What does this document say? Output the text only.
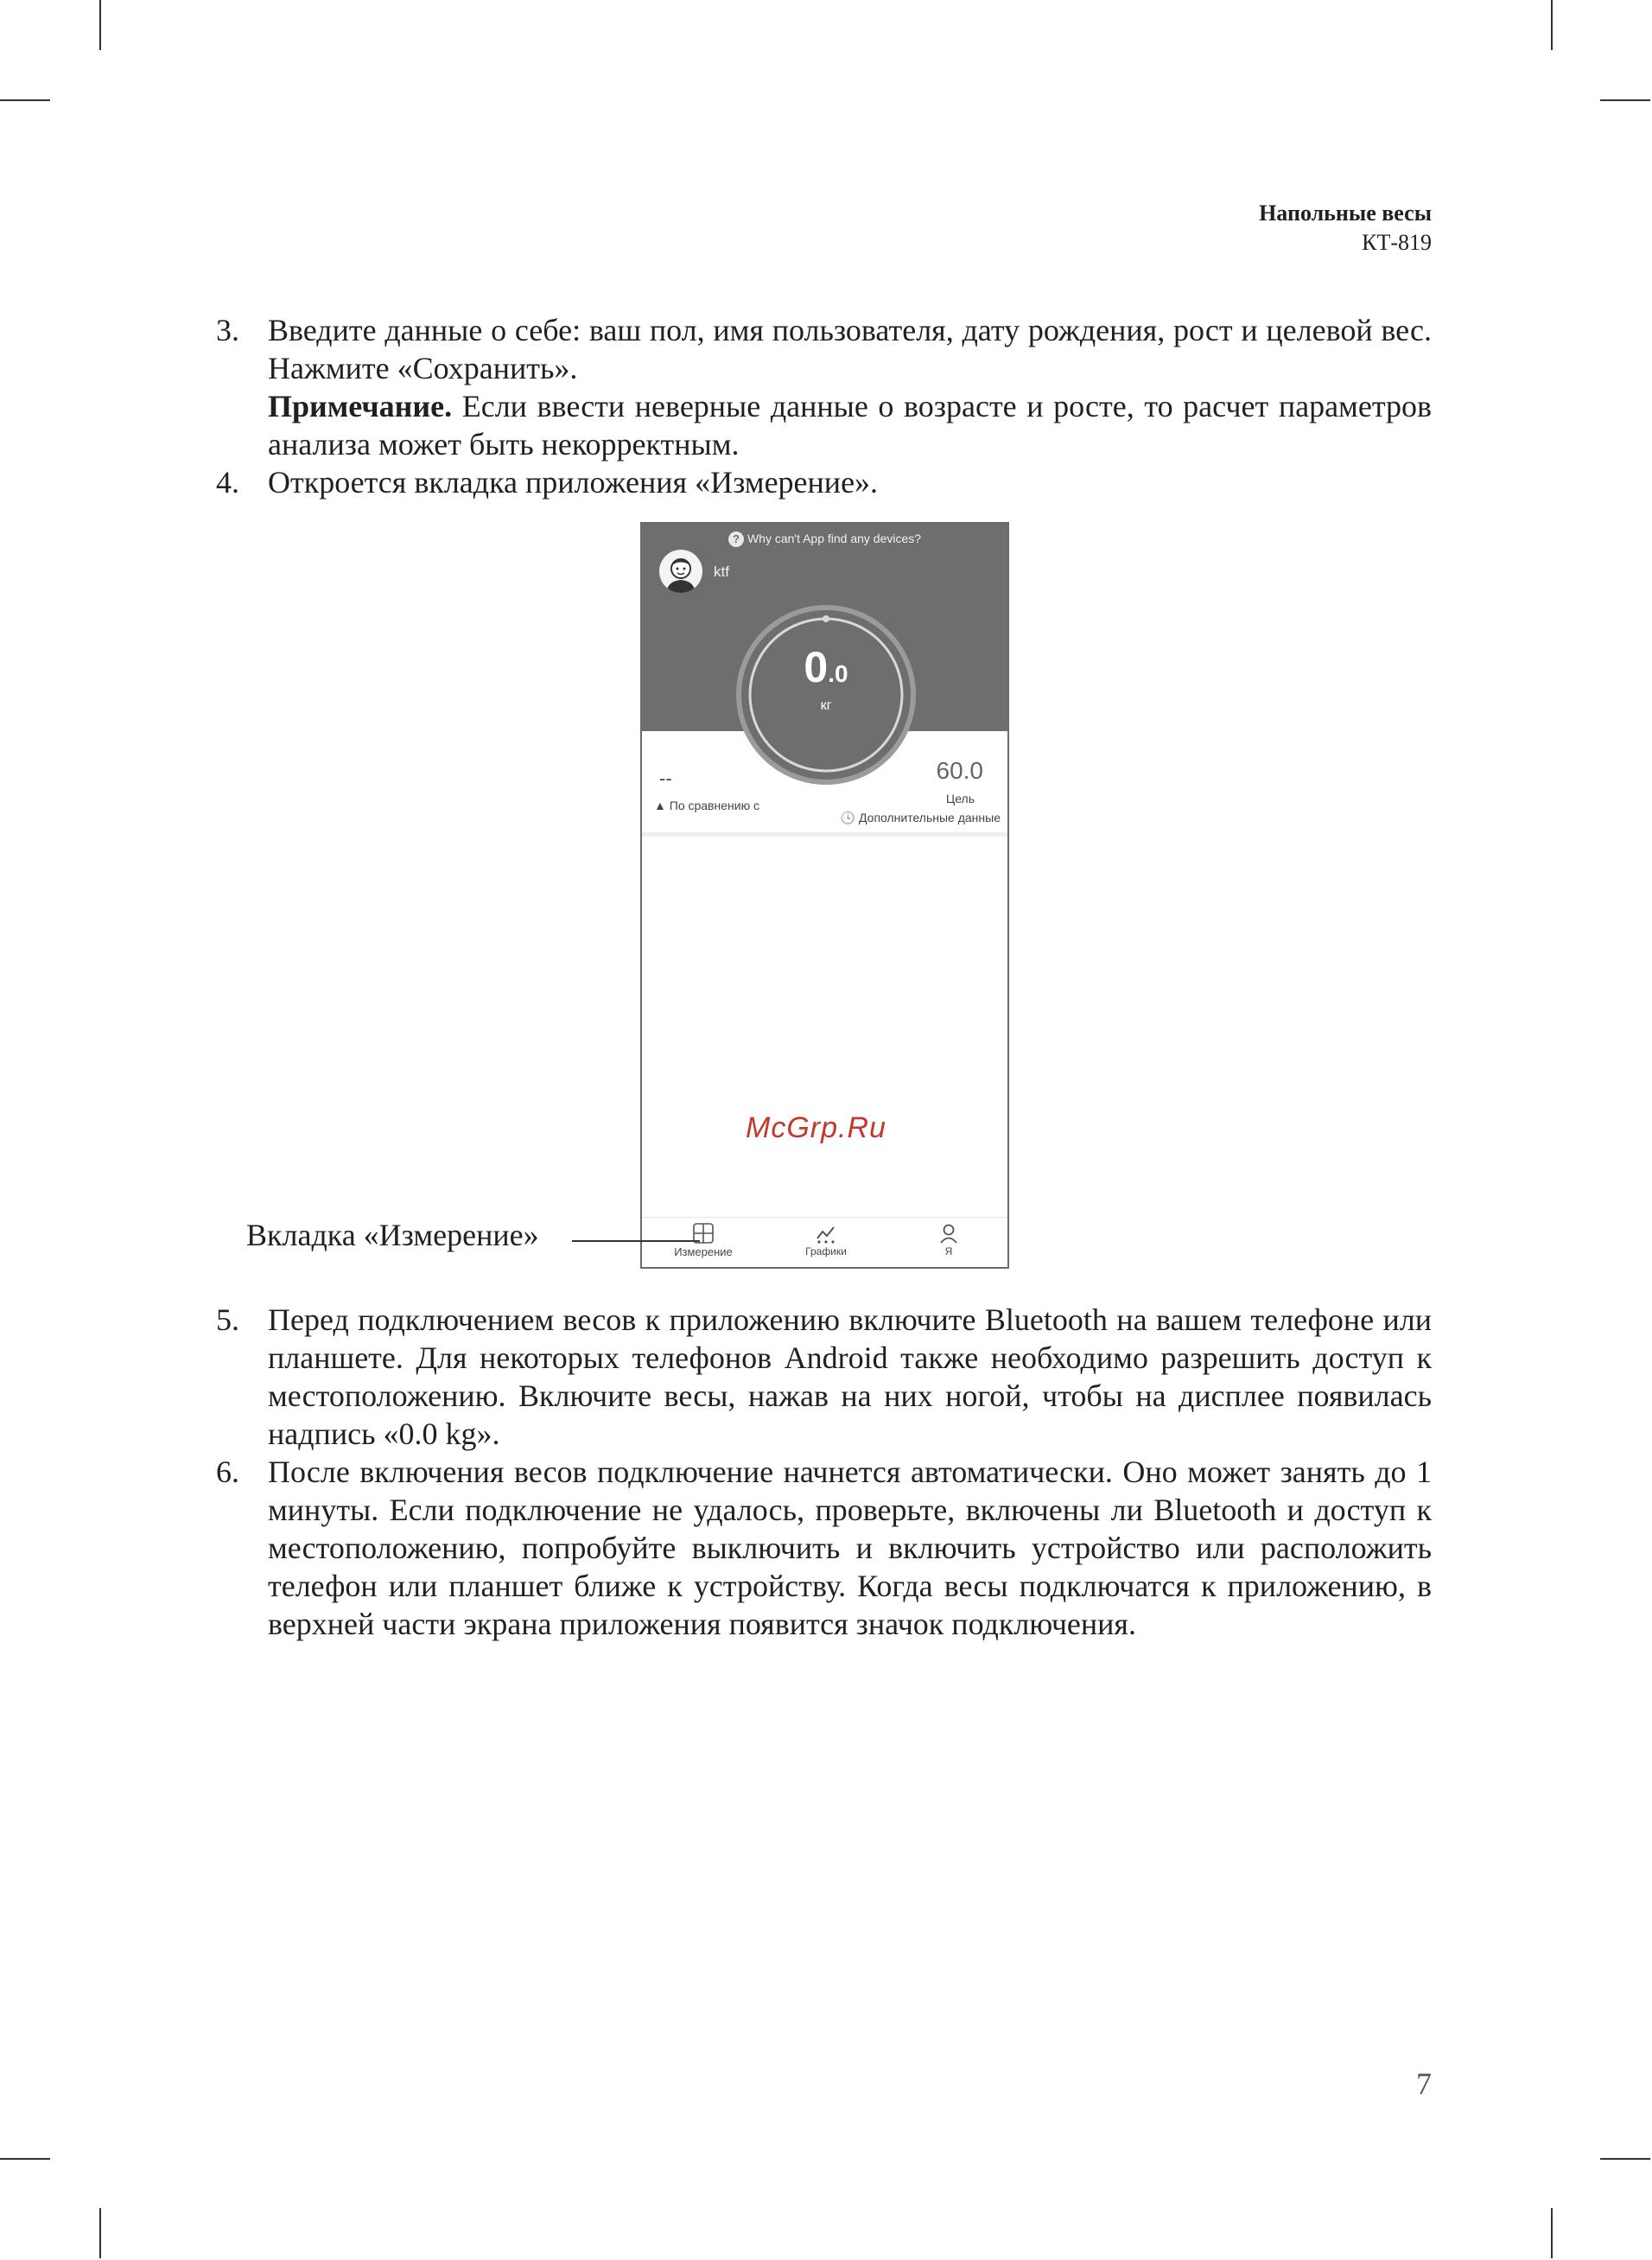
Напольные весы
КТ-819
3. Введите данные о себе: ваш пол, имя пользователя, дату рождения, рост и целевой вес. Нажмите «Сохранить».

Примечание. Если ввести неверные данные о возрасте и росте, то расчет параметров анализа может быть некорректным.

4. Откроется вкладка приложения «Измерение».

? Why can't App find any devices?
ktf
0.0
кг
--
▲ По сравнению с
60.0
Цель
🕓 Дополнительные данные
McGrp.Ru
Измерение	Графики	Я
Вкладка «Измерение»
5. Перед подключением весов к приложению включите Bluetooth на вашем телефоне или планшете. Для некоторых телефонов Android также необходимо разрешить доступ к местоположению. Включите весы, нажав на них ногой, чтобы на дисплее появилась надпись «0.0 kg».

6. После включения весов подключение начнется автоматически. Оно может занять до 1 минуты. Если подключение не удалось, проверьте, включены ли Bluetooth и доступ к местоположению, попробуйте выключить и включить устройство или расположить телефон или планшет ближе к устройству. Когда весы подключатся к приложению, в верхней части экрана приложения появится значок подключения.

7
